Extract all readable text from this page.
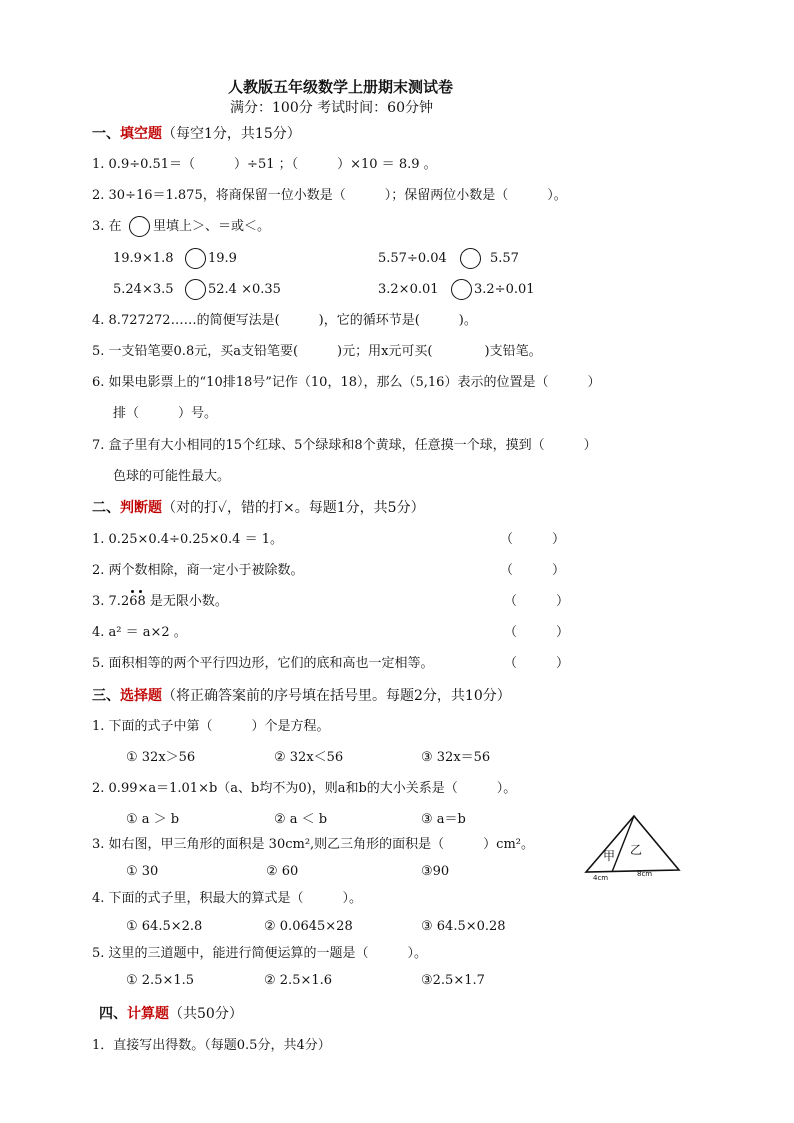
人教版五年级数学上册期末测试卷
满分：100分 考试时间：60分钟
一、填空题（每空1分，共15分）
1. 0.9÷0.51＝（　　　）÷51 ；（　　　）×10 ＝ 8.9 。
2. 30÷16＝1.875，将商保留一位小数是（　　　）；保留两位小数是（　　　）。
3. 在 里填上＞、＝或＜。
19.9×1.8	19.9	5.57÷0.04	5.57
5.24×3.5	52.4 ×0.35	3.2×0.01	3.2÷0.01
4. 8.727272……的简便写法是(　　　)，它的循环节是(　　　)。
5. 一支铅笔要0.8元，买a支铅笔要(　　　)元；用x元可买(　　　　)支铅笔。
6. 如果电影票上的“10排18号”记作（10，18），那么（5,16）表示的位置是（　　　）
排（　　　）号。
7. 盒子里有大小相同的15个红球、5个绿球和8个黄球，任意摸一个球，摸到（　　　）
色球的可能性最大。
二、判断题（对的打✓，错的打×。每题1分，共5分）
1. 0.25×0.4÷0.25×0.4 ＝ 1。	（　　　）
2. 两个数相除，商一定小于被除数。	（　　　）
3. 7.268 是无限小数。	（　　　）
4. a² ＝ a×2 。	（　　　）
5. 面积相等的两个平行四边形，它们的底和高也一定相等。	（　　　）
三、选择题（将正确答案前的序号填在括号里。每题2分，共10分）
1. 下面的式子中第（　　　）个是方程。
① 32x＞56	② 32x＜56	③ 32x＝56
2. 0.99×a＝1.01×b（a、b均不为0)，则a和b的大小关系是（　　　）。
① a ＞ b	② a ＜ b	③ a＝b
3. 如右图，甲三角形的面积是 30cm²,则乙三角形的面积是（　　　）cm²。
① 30	② 60	③90
甲 乙
4cm	8cm
4. 下面的式子里，积最大的算式是（　　　）。
① 64.5×2.8	② 0.0645×28	③ 64.5×0.28
5. 这里的三道题中，能进行简便运算的一题是（　　　）。
① 2.5×1.5	② 2.5×1.6	③2.5×1.7
四、计算题（共50分）
1．直接写出得数。（每题0.5分，共4分）
